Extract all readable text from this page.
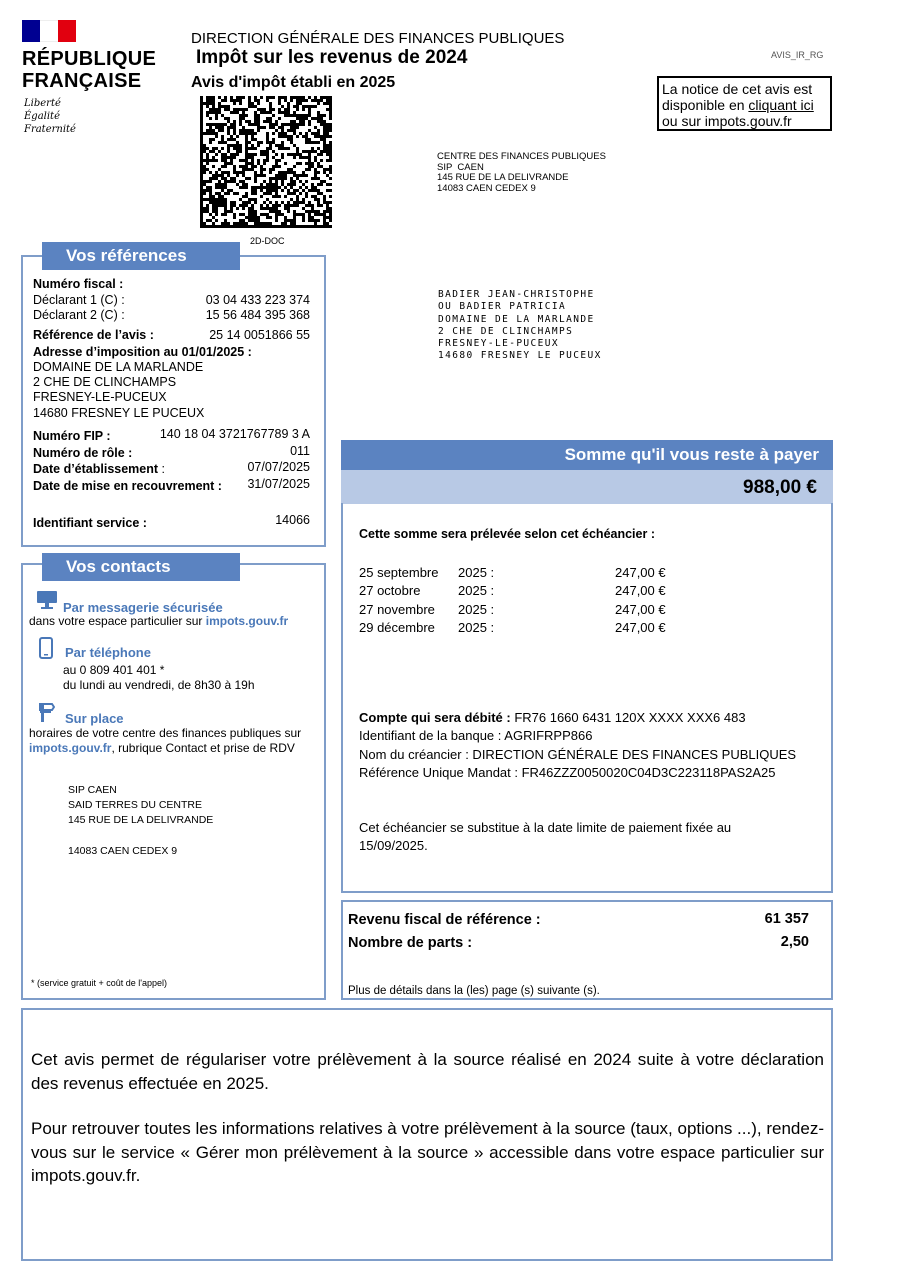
RÉPUBLIQUE
FRANÇAISE
Liberté
Égalité
Fraternité
DIRECTION GÉNÉRALE DES FINANCES PUBLIQUES
Impôt sur les revenus de 2024
Avis d'impôt établi en 2025
AVIS_IR_RG
La notice de cet avis est disponible en cliquant ici ou sur impots.gouv.fr
2D-DOC
CENTRE DES FINANCES PUBLIQUES
SIP  CAEN
145 RUE DE LA DELIVRANDE
14083 CAEN CEDEX 9
BADIER JEAN-CHRISTOPHE
OU BADIER PATRICIA
DOMAINE DE LA MARLANDE
2 CHE DE CLINCHAMPS
FRESNEY-LE-PUCEUX
14680 FRESNEY LE PUCEUX
Numéro fiscal :
Déclarant 1 (C) :	03 04 433 223 374
Déclarant 2 (C) :	15 56 484 395 368
Référence de l’avis :	25 14 0051866 55
Adresse d’imposition au 01/01/2025 :
DOMAINE DE LA MARLANDE
2 CHE DE CLINCHAMPS
FRESNEY-LE-PUCEUX
14680 FRESNEY LE PUCEUX
Numéro FIP :	140 18 04 3721767789 3 A
Numéro de rôle :	011
Date d’établissement :	07/07/2025
Date de mise en recouvrement : 31/07/2025
Identifiant service :	14066
Vos références
Par messagerie sécurisée
dans votre espace particulier sur impots.gouv.fr
Par téléphone
au 0 809 401 401 *
du lundi au vendredi, de 8h30 à 19h
Sur place
horaires de votre centre des finances publiques sur
impots.gouv.fr, rubrique Contact et prise de RDV
SIP CAEN
SAID TERRES DU CENTRE
145 RUE DE LA DELIVRANDE
14083 CAEN CEDEX 9
* (service gratuit + coût de l'appel)
Vos contacts
Somme qu'il vous reste à payer
988,00 €
Cette somme sera prélevée selon cet échéancier :
25 septembre 2025 :	247,00 €
27 octobre	2025 :	247,00 €
27 novembre 2025 :	247,00 €
29 décembre 2025 :	247,00 €
Compte qui sera débité : FR76 1660 6431 120X XXXX XXX6 483
Identifiant de la banque : AGRIFRPP866
Nom du créancier : DIRECTION GÉNÉRALE DES FINANCES PUBLIQUES
Référence Unique Mandat : FR46ZZZ0050020C04D3C223118PAS2A25
Cet échéancier se substitue à la date limite de paiement fixée au
15/09/2025.
Revenu fiscal de référence :	61 357
Nombre de parts :	2,50
Plus de détails dans la (les) page (s) suivante (s).
Cet avis permet de régulariser votre prélèvement à la source réalisé en 2024 suite à votre déclaration des revenus effectuée en 2025.
Pour retrouver toutes les informations relatives à votre prélèvement à la source (taux, options ...), rendez-vous sur le service « Gérer mon prélèvement à la source » accessible dans votre espace particulier sur impots.gouv.fr.
